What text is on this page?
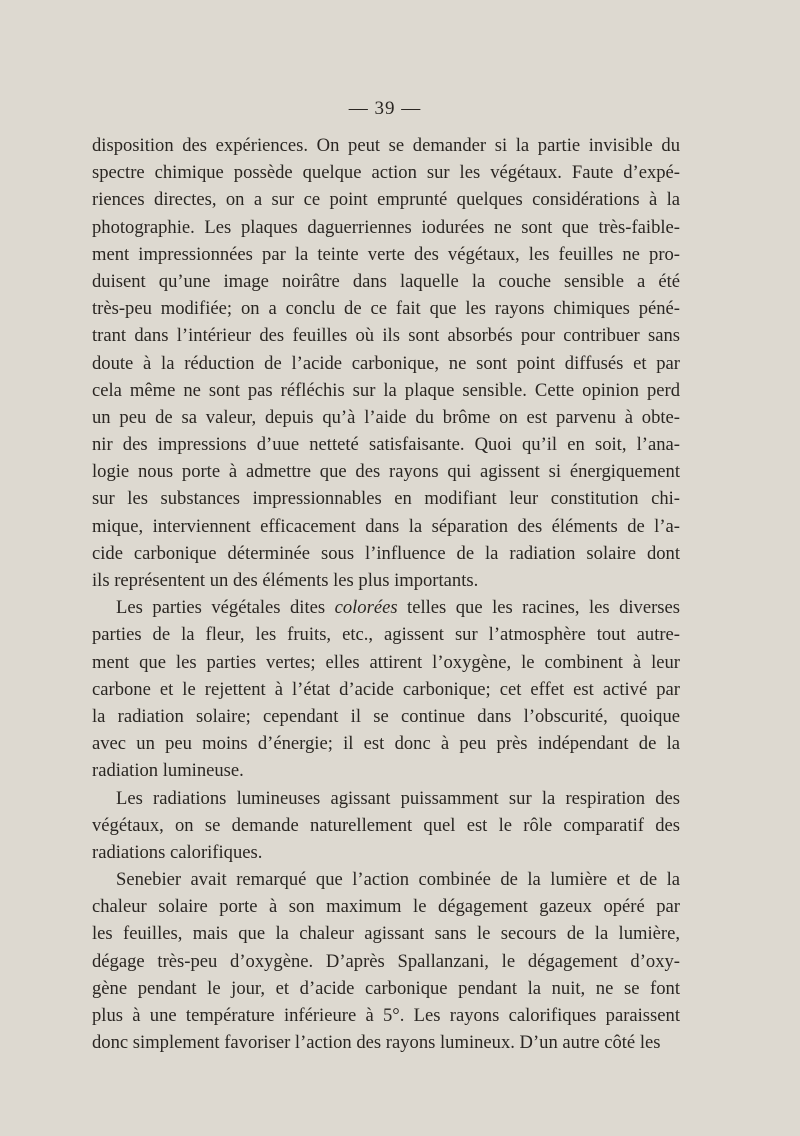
— 39 —
disposition des expériences. On peut se demander si la partie invisible du
spectre chimique possède quelque action sur les végétaux. Faute d’expé-
riences directes, on a sur ce point emprunté quelques considérations à la
photographie. Les plaques daguerriennes iodurées ne sont que très-faible-
ment impressionnées par la teinte verte des végétaux, les feuilles ne pro-
duisent qu’une image noirâtre dans laquelle la couche sensible a été
très-peu modifiée; on a conclu de ce fait que les rayons chimiques péné-
trant dans l’intérieur des feuilles où ils sont absorbés pour contribuer sans
doute à la réduction de l’acide carbonique, ne sont point diffusés et par
cela même ne sont pas réfléchis sur la plaque sensible. Cette opinion perd
un peu de sa valeur, depuis qu’à l’aide du brôme on est parvenu à obte-
nir des impressions d’uue netteté satisfaisante. Quoi qu’il en soit, l’ana-
logie nous porte à admettre que des rayons qui agissent si énergiquement
sur les substances impressionnables en modifiant leur constitution chi-
mique, interviennent efficacement dans la séparation des éléments de l’a-
cide carbonique déterminée sous l’influence de la radiation solaire dont
ils représentent un des éléments les plus importants.
Les parties végétales dites colorées telles que les racines, les diverses
parties de la fleur, les fruits, etc., agissent sur l’atmosphère tout autre-
ment que les parties vertes; elles attirent l’oxygène, le combinent à leur
carbone et le rejettent à l’état d’acide carbonique; cet effet est activé par
la radiation solaire; cependant il se continue dans l’obscurité, quoique
avec un peu moins d’énergie; il est donc à peu près indépendant de la
radiation lumineuse.
Les radiations lumineuses agissant puissamment sur la respiration des
végétaux, on se demande naturellement quel est le rôle comparatif des
radiations calorifiques.
Senebier avait remarqué que l’action combinée de la lumière et de la
chaleur solaire porte à son maximum le dégagement gazeux opéré par
les feuilles, mais que la chaleur agissant sans le secours de la lumière,
dégage très-peu d’oxygène. D’après Spallanzani, le dégagement d’oxy-
gène pendant le jour, et d’acide carbonique pendant la nuit, ne se font
plus à une température inférieure à 5°. Les rayons calorifiques paraissent
donc simplement favoriser l’action des rayons lumineux. D’un autre côté les
